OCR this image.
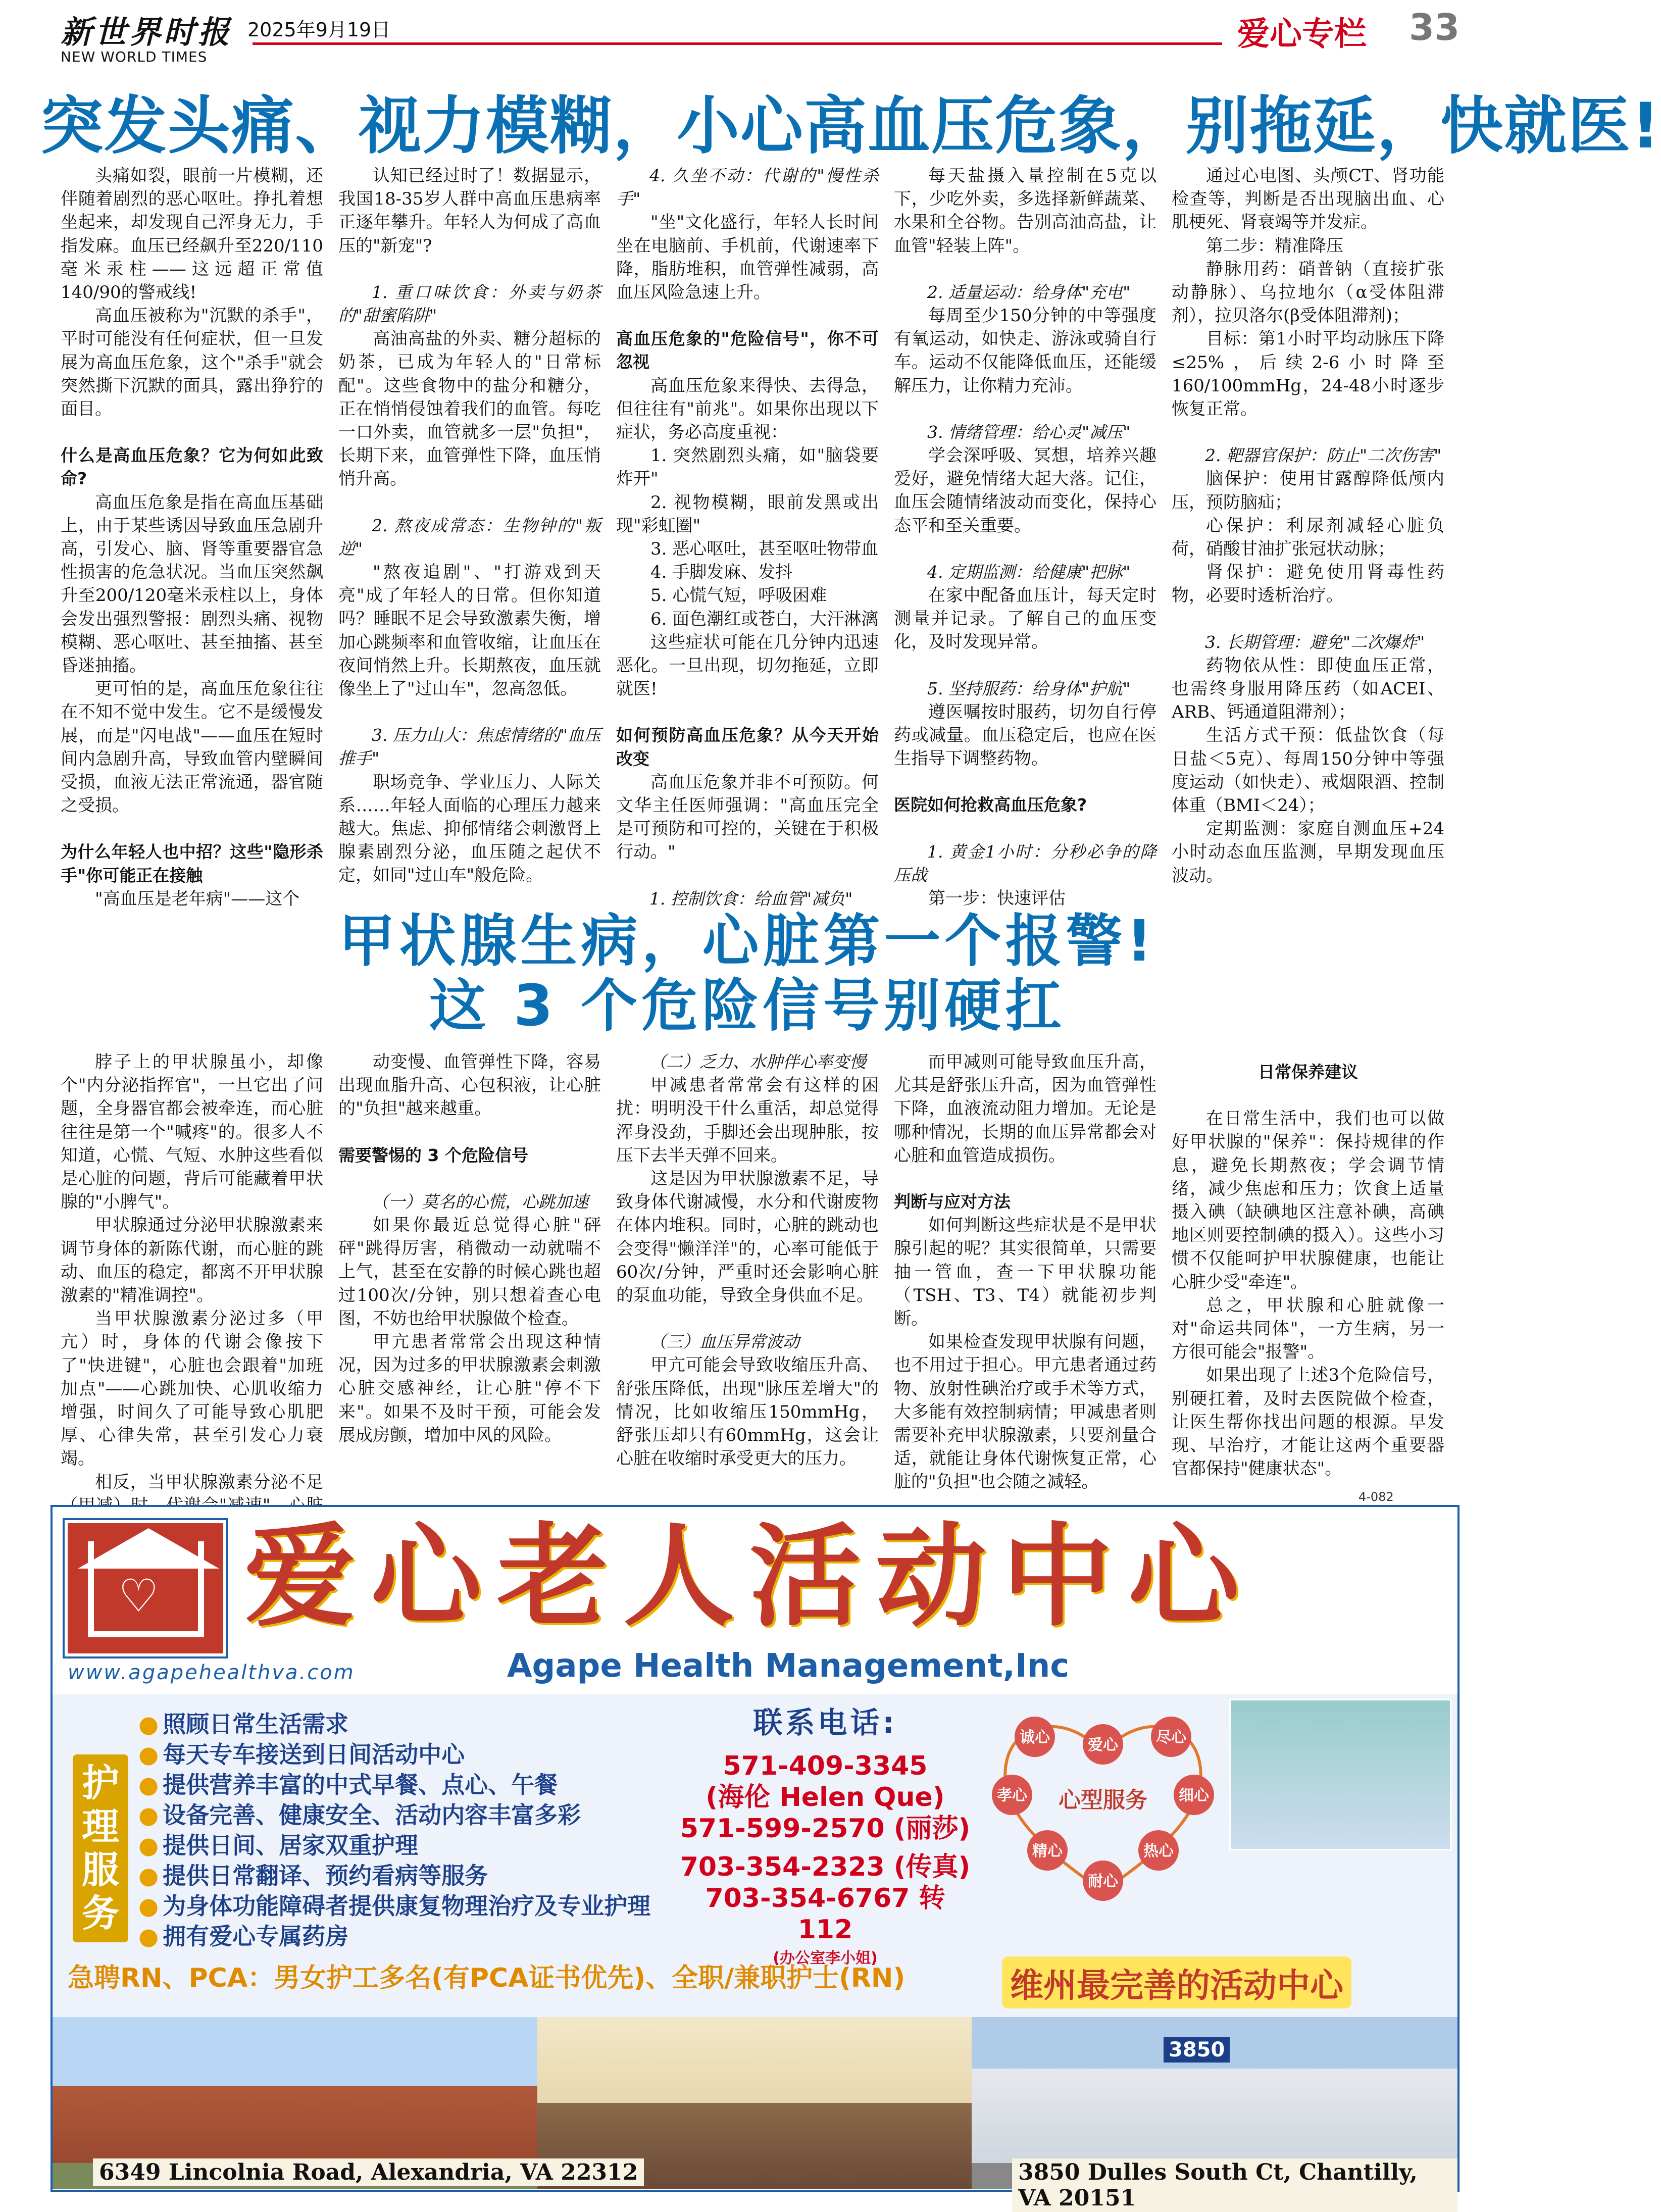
新世界时报 2025年9月19日
NEW WORLD TIMES
爱心专栏 33
突发头痛、视力模糊，小心高血压危象，别拖延，快就医!

头痛如裂，眼前一片模糊，还伴随着剧烈的恶心呕吐。挣扎着想坐起来，却发现自己浑身无力，手指发麻。血压已经飙升至220/110毫米汞柱——这远超正常值140/90的警戒线!

高血压被称为"沉默的杀手"，平时可能没有任何症状，但一旦发展为高血压危象，这个"杀手"就会突然撕下沉默的面具，露出狰狞的面目。

什么是高血压危象？它为何如此致命?

高血压危象是指在高血压基础上，由于某些诱因导致血压急剧升高，引发心、脑、肾等重要器官急性损害的危急状况。当血压突然飙升至200/120毫米汞柱以上，身体会发出强烈警报：剧烈头痛、视物模糊、恶心呕吐、甚至抽搐、甚至昏迷抽搐。

更可怕的是，高血压危象往往在不知不觉中发生。它不是缓慢发展，而是"闪电战"——血压在短时间内急剧升高，导致血管内壁瞬间受损，血液无法正常流通，器官随之受损。

为什么年轻人也中招？这些"隐形杀手"你可能正在接触

"高血压是老年病"——这个

认知已经过时了！数据显示，我国18-35岁人群中高血压患病率正逐年攀升。年轻人为何成了高血压的"新宠"?

1. 重口味饮食：外卖与奶茶的"甜蜜陷阱"

高油高盐的外卖、糖分超标的奶茶，已成为年轻人的"日常标配"。这些食物中的盐分和糖分，正在悄悄侵蚀着我们的血管。每吃一口外卖，血管就多一层"负担"，长期下来，血管弹性下降，血压悄悄升高。

2. 熬夜成常态：生物钟的"叛逆"

"熬夜追剧"、"打游戏到天亮"成了年轻人的日常。但你知道吗？睡眠不足会导致激素失衡，增加心跳频率和血管收缩，让血压在夜间悄然上升。长期熬夜，血压就像坐上了"过山车"，忽高忽低。

3. 压力山大：焦虑情绪的"血压推手"

职场竞争、学业压力、人际关系……年轻人面临的心理压力越来越大。焦虑、抑郁情绪会刺激肾上腺素剧烈分泌，血压随之起伏不定，如同"过山车"般危险。

4. 久坐不动：代谢的"慢性杀手"

"坐"文化盛行，年轻人长时间坐在电脑前、手机前，代谢速率下降，脂肪堆积，血管弹性减弱，高血压风险急速上升。

高血压危象的"危险信号"，你不可忽视

高血压危象来得快、去得急，但往往有"前兆"。如果你出现以下症状，务必高度重视：

1. 突然剧烈头痛，如"脑袋要炸开"

2. 视物模糊，眼前发黑或出现"彩虹圈"

3. 恶心呕吐，甚至呕吐物带血

4. 手脚发麻、发抖

5. 心慌气短，呼吸困难

6. 面色潮红或苍白，大汗淋漓

这些症状可能在几分钟内迅速恶化。一旦出现，切勿拖延，立即就医!

如何预防高血压危象？从今天开始改变

高血压危象并非不可预防。何文华主任医师强调："高血压完全是可预防和可控的，关键在于积极行动。"

1. 控制饮食：给血管"减负"

每天盐摄入量控制在5克以下，少吃外卖，多选择新鲜蔬菜、水果和全谷物。告别高油高盐，让血管"轻装上阵"。

2. 适量运动：给身体"充电"

每周至少150分钟的中等强度有氧运动，如快走、游泳或骑自行车。运动不仅能降低血压，还能缓解压力，让你精力充沛。

3. 情绪管理：给心灵"减压"

学会深呼吸、冥想，培养兴趣爱好，避免情绪大起大落。记住，血压会随情绪波动而变化，保持心态平和至关重要。

4. 定期监测：给健康"把脉"

在家中配备血压计，每天定时测量并记录。了解自己的血压变化，及时发现异常。

5. 坚持服药：给身体"护航"

遵医嘱按时服药，切勿自行停药或减量。血压稳定后，也应在医生指导下调整药物。

医院如何抢救高血压危象?
1. 黄金1小时：分秒必争的降压战

第一步：快速评估

通过心电图、头颅CT、肾功能检查等，判断是否出现脑出血、心肌梗死、肾衰竭等并发症。

第二步：精准降压

静脉用药：硝普钠（直接扩张动静脉）、乌拉地尔（α受体阻滞剂），拉贝洛尔(β受体阻滞剂)；

目标：第1小时平均动脉压下降≤25%，后续2-6小时降至160/100mmHg，24-48小时逐步恢复正常。

2. 靶器官保护：防止"二次伤害"

脑保护：使用甘露醇降低颅内压，预防脑疝；

心保护：利尿剂减轻心脏负荷，硝酸甘油扩张冠状动脉；

肾保护：避免使用肾毒性药物，必要时透析治疗。

3. 长期管理：避免"二次爆炸"

药物依从性：即使血压正常，也需终身服用降压药（如ACEI、ARB、钙通道阻滞剂）；

生活方式干预：低盐饮食（每日盐＜5克）、每周150分钟中等强度运动（如快走）、戒烟限酒、控制体重（BMI＜24）；

定期监测：家庭自测血压+24小时动态血压监测，早期发现血压波动。

甲状腺生病，心脏第一个报警!
这 3 个危险信号别硬扛

脖子上的甲状腺虽小，却像个"内分泌指挥官"，一旦它出了问题，全身器官都会被牵连，而心脏往往是第一个"喊疼"的。很多人不知道，心慌、气短、水肿这些看似是心脏的问题，背后可能藏着甲状腺的"小脾气"。

甲状腺通过分泌甲状腺激素来调节身体的新陈代谢，而心脏的跳动、血压的稳定，都离不开甲状腺激素的"精准调控"。

当甲状腺激素分泌过多（甲亢）时，身体的代谢会像按下了"快进键"，心脏也会跟着"加班加点"——心跳加快、心肌收缩力增强，时间久了可能导致心肌肥厚、心律失常，甚至引发心力衰竭。

相反，当甲状腺激素分泌不足

动变慢、血管弹性下降，容易出现血脂升高、心包积液，让心脏的"负担"越来越重。

需要警惕的 3 个危险信号
（一）莫名的心慌，心跳加速

如果你最近总觉得心脏"砰砰"跳得厉害，稍微动一动就喘不上气，甚至在安静的时候心跳也超过100次/分钟，别只想着查心电图，不妨也给甲状腺做个检查。

甲亢患者常常会出现这种情况，因为过多的甲状腺激素会刺激心脏交感神经，让心脏"停不下来"。如果不及时干预，可能会发展成房颤，增加中风的风险。

（二）乏力、水肿伴心率变慢

甲减患者常常会有这样的困扰：明明没干什么重活，却总觉得浑身没劲，手脚还会出现肿胀，按压下去半天弹不回来。

这是因为甲状腺激素不足，导致身体代谢减慢，水分和代谢废物在体内堆积。同时，心脏的跳动也会变得"懒洋洋"的，心率可能低于60次/分钟，严重时还会影响心脏的泵血功能，导致全身供血不足。

（三）血压异常波动

甲亢可能会导致收缩压升高、舒张压降低，出现"脉压差增大"的情况，比如收缩压150mmHg，舒张压却只有60mmHg，这会让心脏在收缩时承受更大的压力。

而甲减则可能导致血压升高，尤其是舒张压升高，因为血管弹性下降，血液流动阻力增加。无论是哪种情况，长期的血压异常都会对心脏和血管造成损伤。

判断与应对方法

如何判断这些症状是不是甲状腺引起的呢？其实很简单，只需要抽一管血，查一下甲状腺功能（TSH、T3、T4）就能初步判断。

如果检查发现甲状腺有问题，也不用过于担心。甲亢患者通过药物、放射性碘治疗或手术等方式，大多能有效控制病情；甲减患者则需要补充甲状腺激素，只要剂量合适，就能让身体代谢恢复正常，心脏的"负担"也会随之减轻。

日常保养建议

在日常生活中，我们也可以做好甲状腺的"保养"：保持规律的作息，避免长期熬夜；学会调节情绪，减少焦虑和压力；饮食上适量摄入碘（缺碘地区注意补碘，高碘地区则要控制碘的摄入）。这些小习惯不仅能呵护甲状腺健康，也能让心脏少受"牵连"。

总之，甲状腺和心脏就像一对"命运共同体"，一方生病，另一方很可能会"报警"。

如果出现了上述3个危险信号，别硬扛着，及时去医院做个检查，让医生帮你找出问题的根源。早发现、早治疗，才能让这两个重要器官都保持"健康状态"。

4-082
♡ 爱心老人活动中心
www.agapehealthva.com	Agape Health Management,Inc
护理服务
● 照顾日常生活需求
● 每天专车接送到日间活动中心
● 提供营养丰富的中式早餐、点心、午餐
● 设备完善、健康安全、活动内容丰富多彩
● 提供日间、居家双重护理
● 提供日常翻译、预约看病等服务
● 为身体功能障碍者提供康复物理治疗及专业护理
● 拥有爱心专属药房
联系电话:
571-409-3345
(海伦 Helen Que)
571-599-2570 (丽莎)
703-354-2323 (传真)
703-354-6767 转 112
(办公室李小姐)
诚心	爱心	尽心
细心
热心
耐心
精心
孝心 心型服务
急聘RN、PCA：男女护工多名(有PCA证书优先)、全职/兼职护士(RN)	维州最完善的活动中心
3850
6349 Lincolnia Road, Alexandria, VA 22312	3850 Dulles South Ct, Chantilly, VA 20151
